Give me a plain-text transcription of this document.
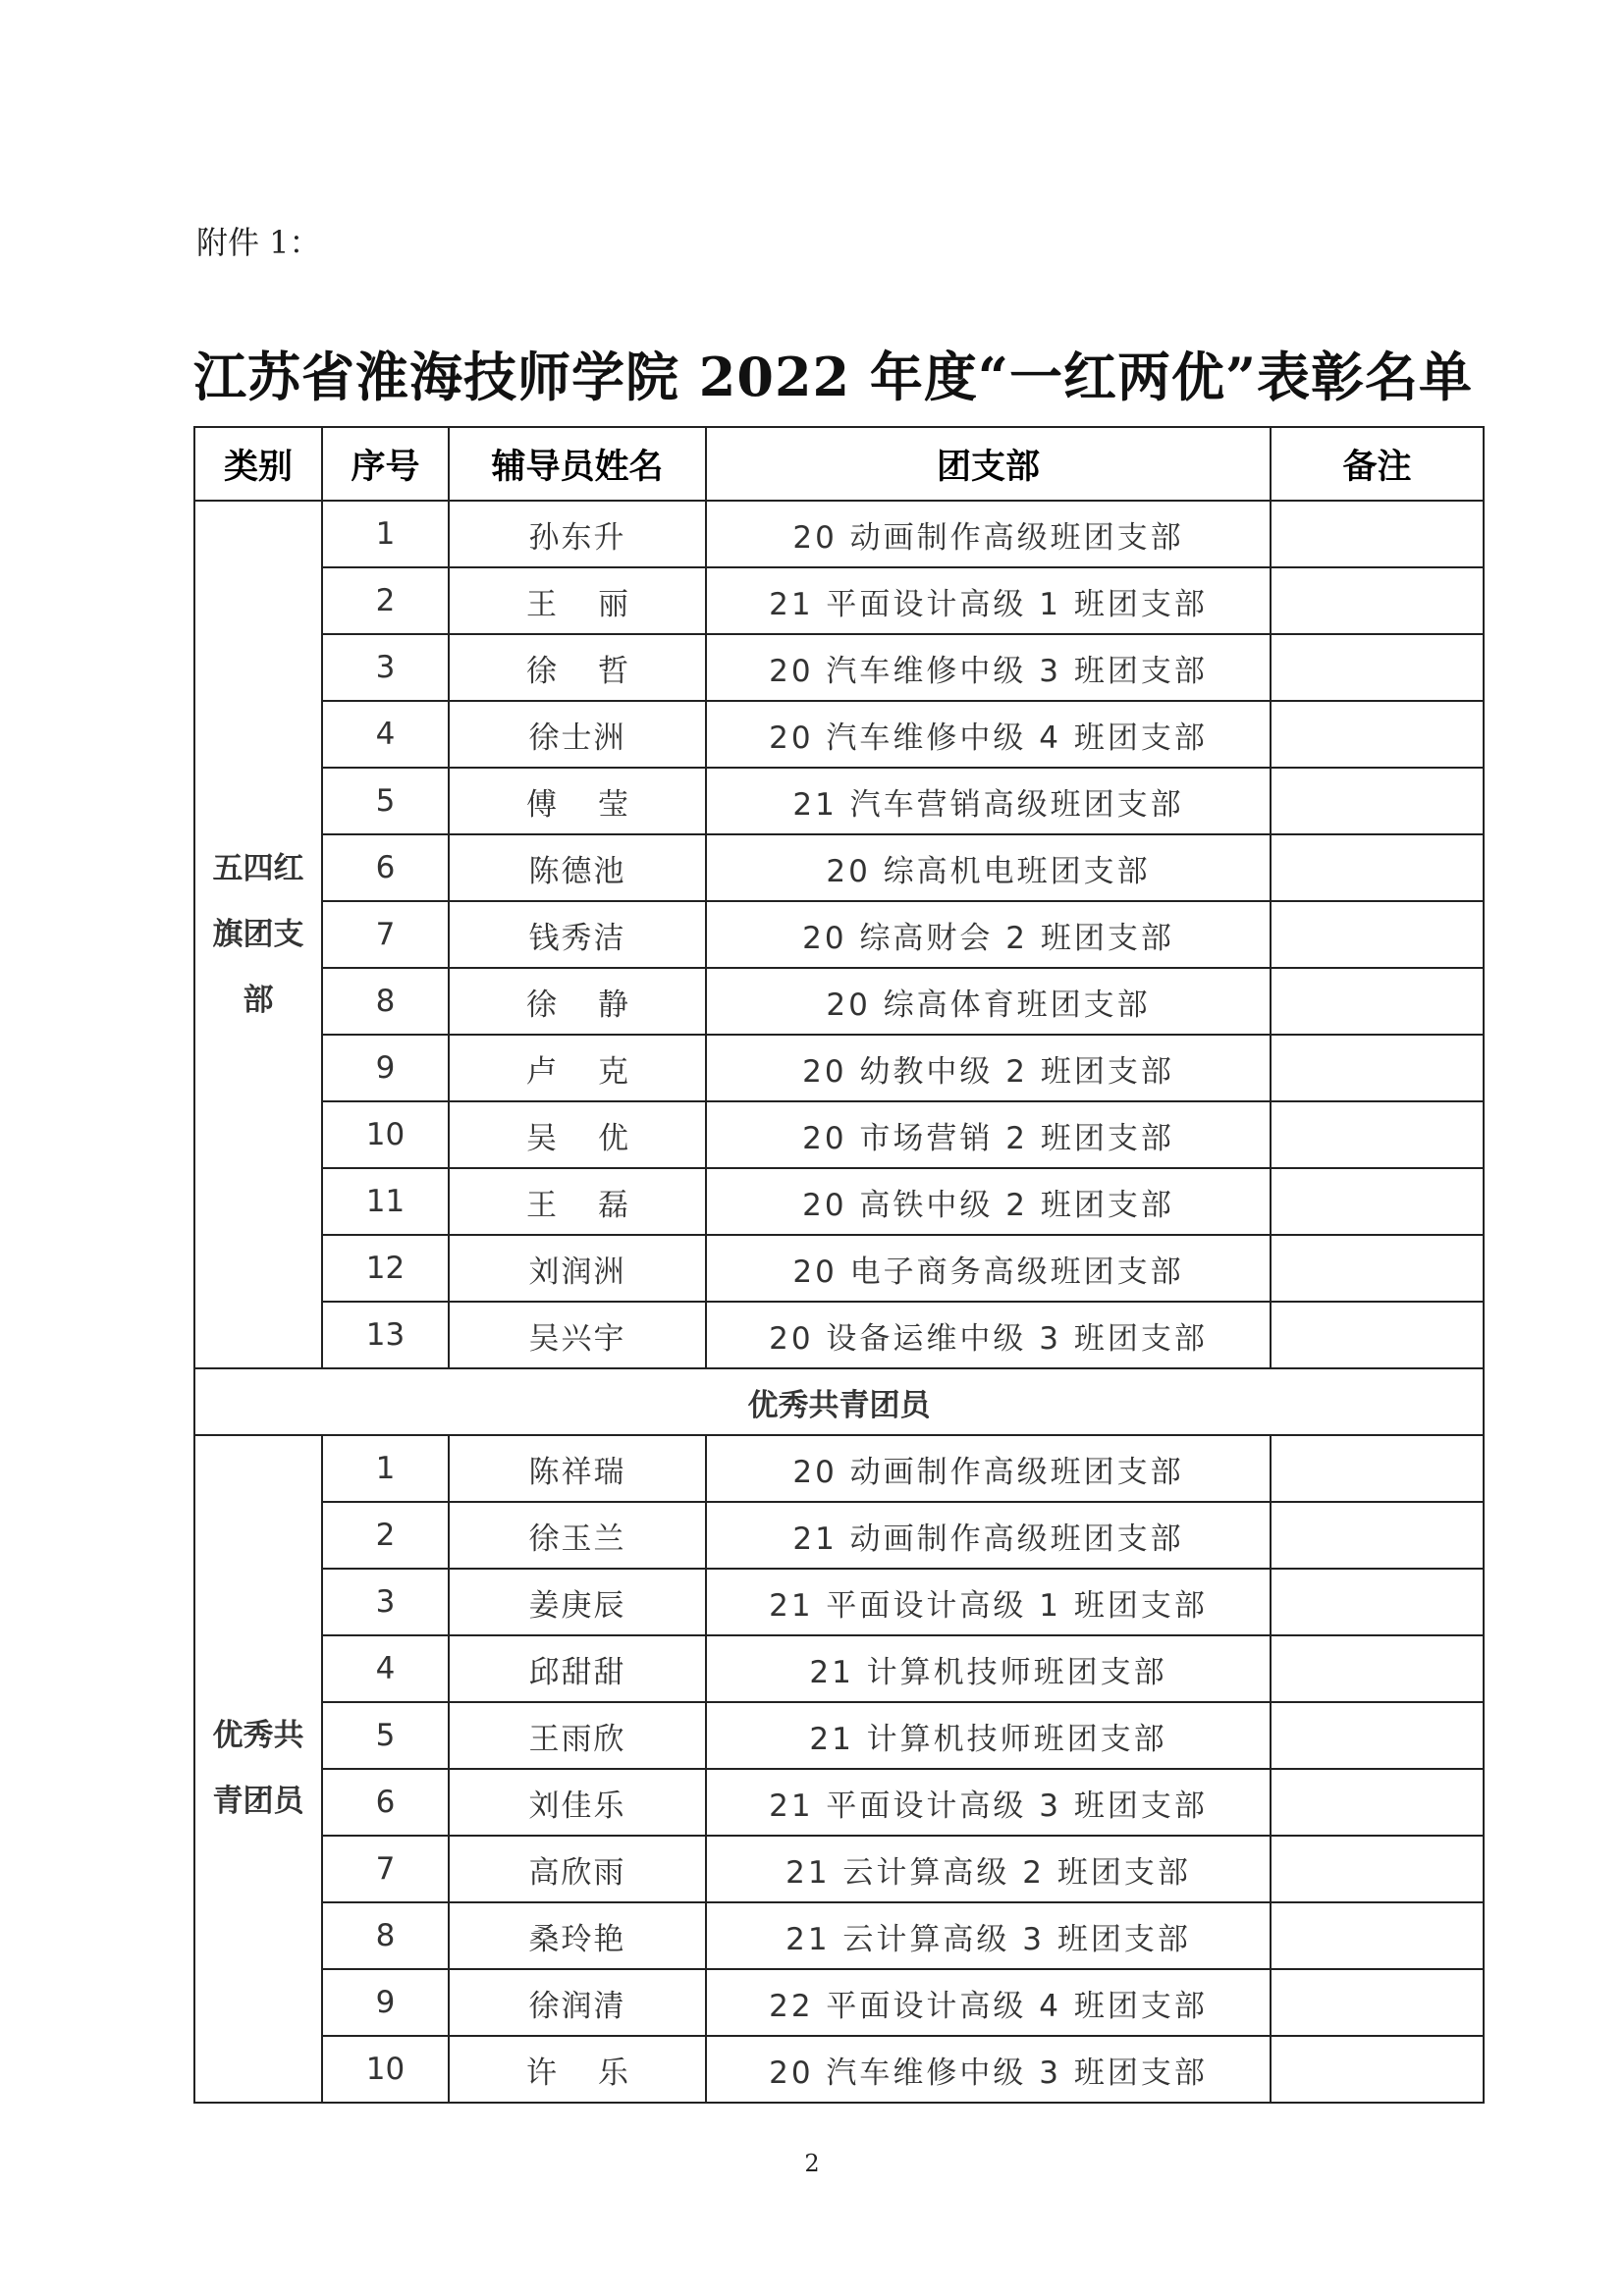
附件 1：
江苏省淮海技师学院 2022 年度“一红两优”表彰名单
类别	序号	辅导员姓名	团支部	备注
五四红旗团支部	1	孙东升	20 动画制作高级班团支部	
	2	王丽	21 平面设计高级 1 班团支部	
	3	徐哲	20 汽车维修中级 3 班团支部	
	4	徐士洲	20 汽车维修中级 4 班团支部	
	5	傅莹	21 汽车营销高级班团支部	
	6	陈德池	20 综高机电班团支部	
	7	钱秀洁	20 综高财会 2 班团支部	
	8	徐静	20 综高体育班团支部	
	9	卢克	20 幼教中级 2 班团支部	
	10	吴优	20 市场营销 2 班团支部	
	11	王磊	20 高铁中级 2 班团支部	
	12	刘润洲	20 电子商务高级班团支部	
	13	吴兴宇	20 设备运维中级 3 班团支部	
优秀共青团员				
优秀共青团员	1	陈祥瑞	20 动画制作高级班团支部	
	2	徐玉兰	21 动画制作高级班团支部	
	3	姜庚辰	21 平面设计高级 1 班团支部	
	4	邱甜甜	21 计算机技师班团支部	
	5	王雨欣	21 计算机技师班团支部	
	6	刘佳乐	21 平面设计高级 3 班团支部	
	7	高欣雨	21 云计算高级 2 班团支部	
	8	桑玲艳	21 云计算高级 3 班团支部	
	9	徐润清	22 平面设计高级 4 班团支部	
	10	许乐	20 汽车维修中级 3 班团支部	
2
